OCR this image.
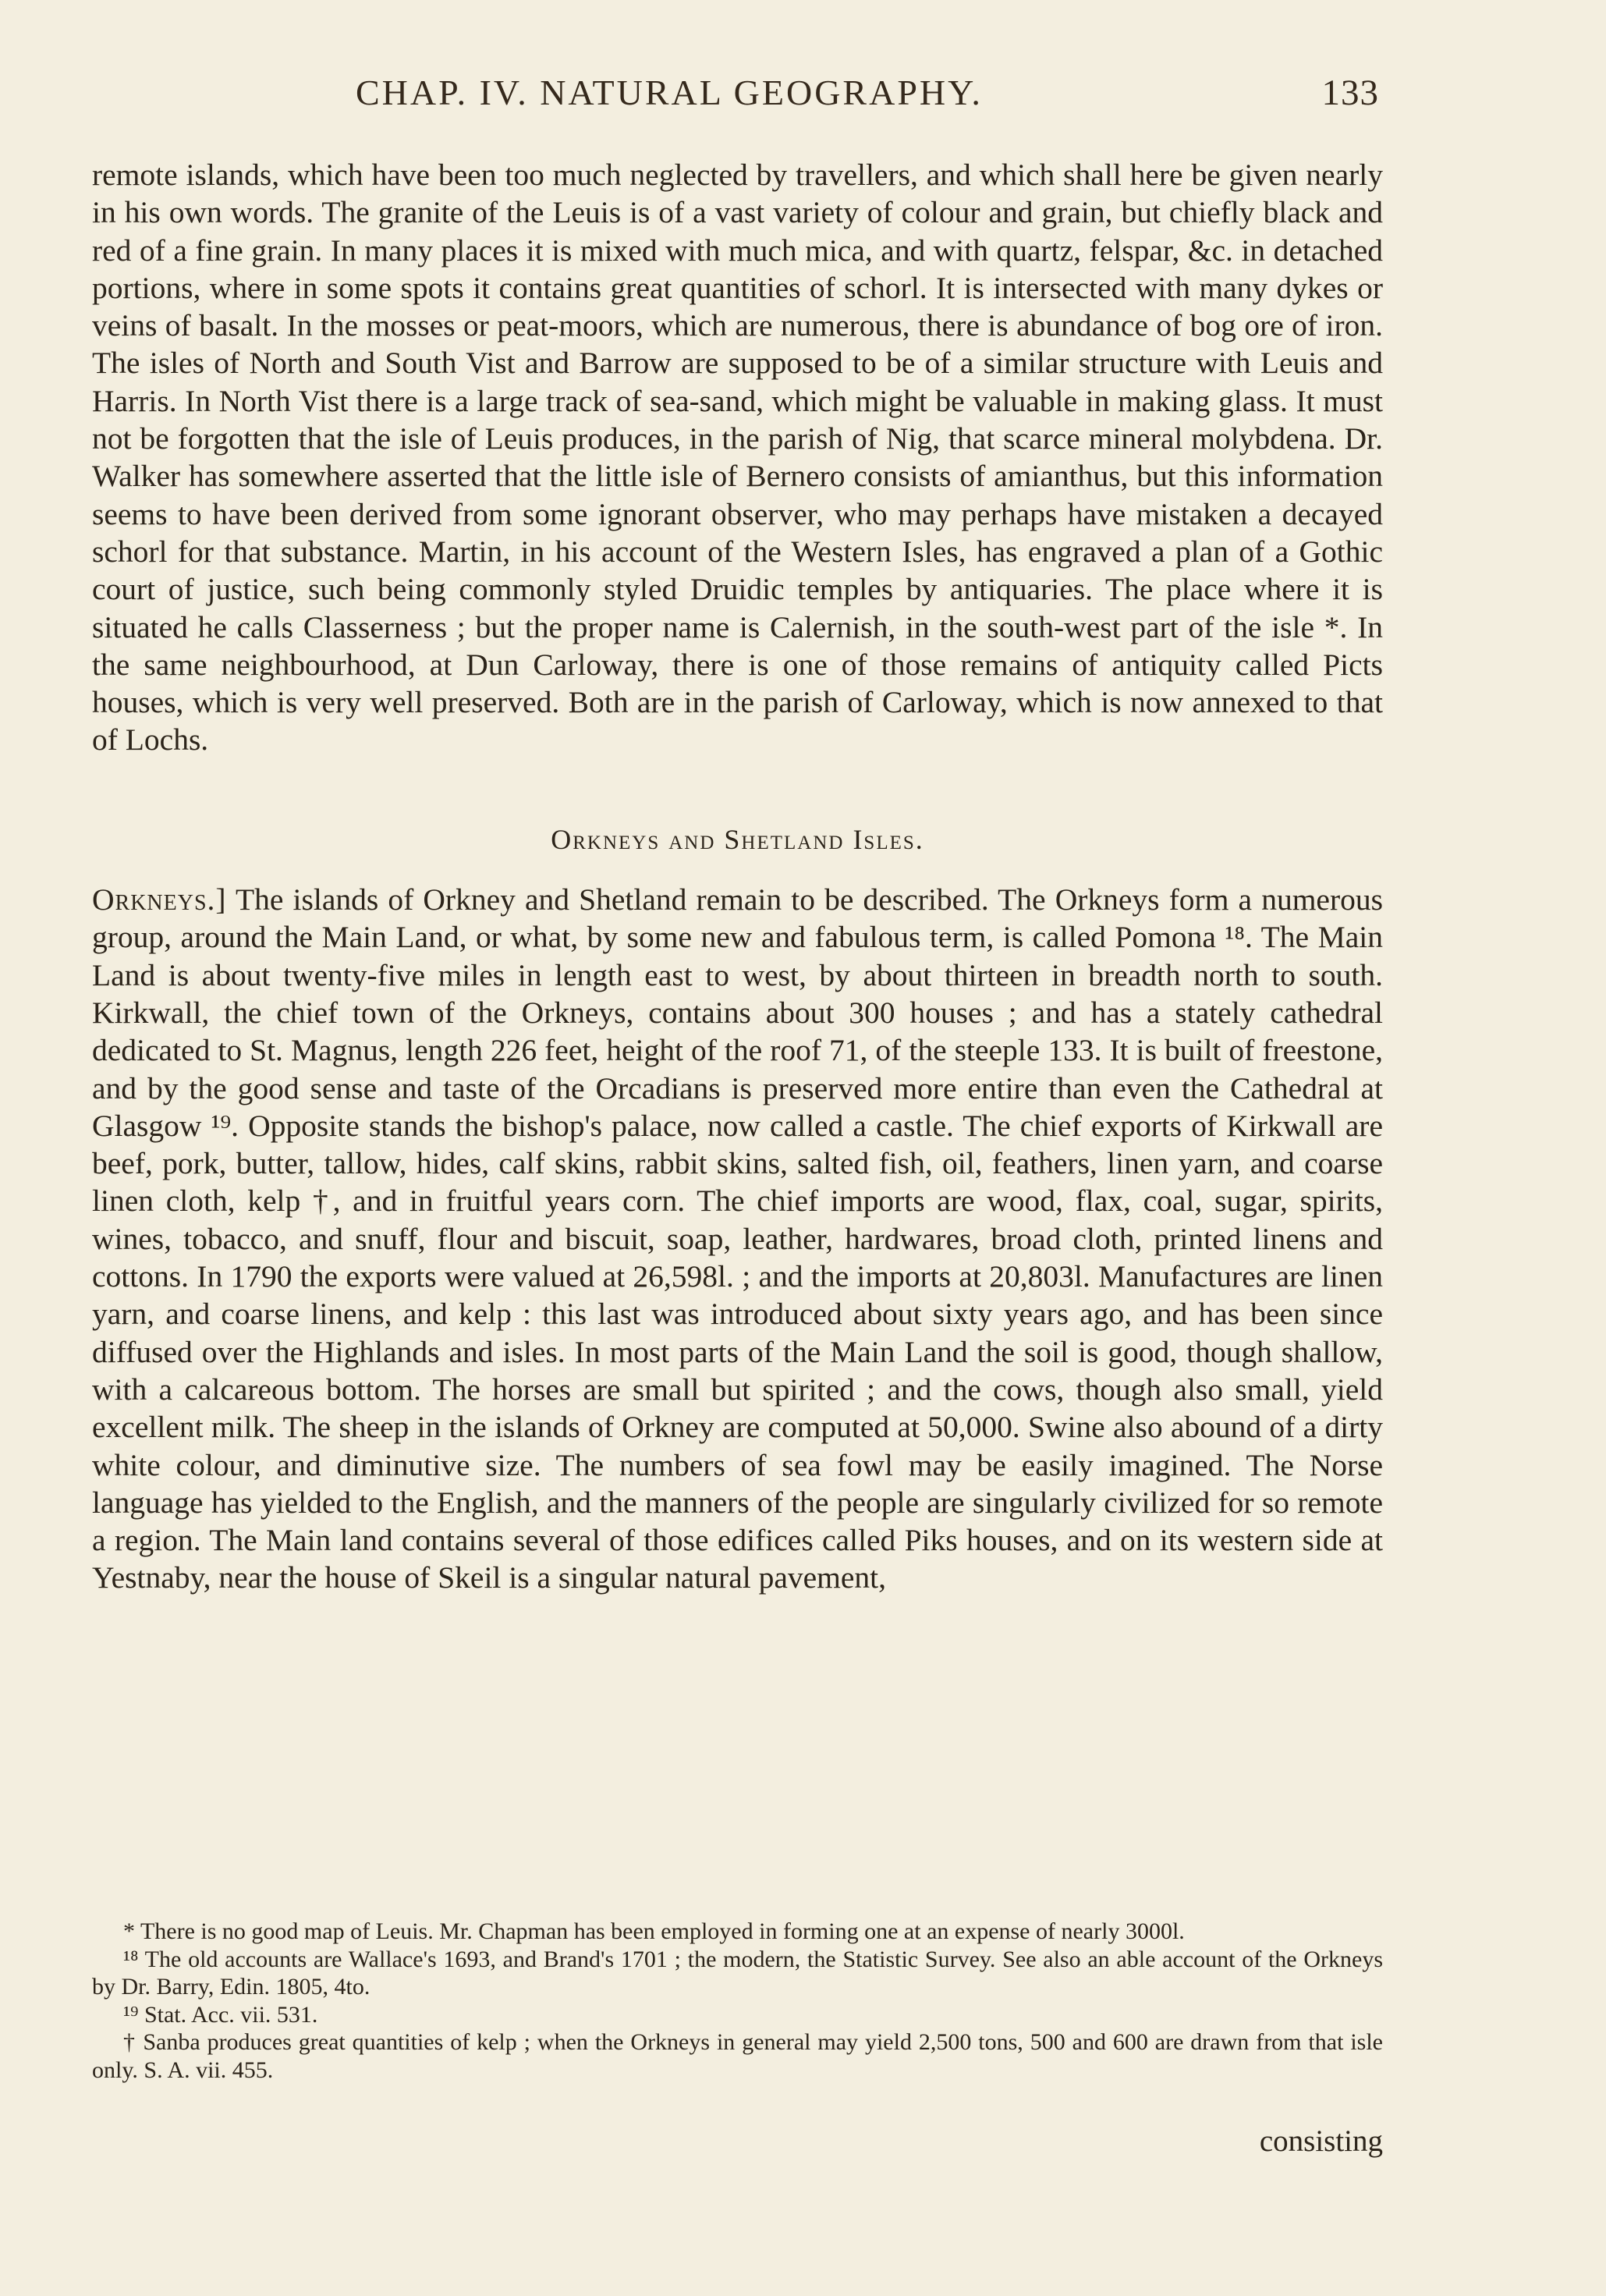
CHAP. IV. NATURAL GEOGRAPHY.	133

remote islands, which have been too much neglected by travellers, and which shall here be given nearly in his own words. The granite of the Leuis is of a vast variety of colour and grain, but chiefly black and red of a fine grain. In many places it is mixed with much mica, and with quartz, felspar, &c. in detached portions, where in some spots it contains great quantities of schorl. It is intersected with many dykes or veins of basalt. In the mosses or peat-moors, which are numerous, there is abundance of bog ore of iron. The isles of North and South Vist and Barrow are supposed to be of a similar structure with Leuis and Harris. In North Vist there is a large track of sea-sand, which might be valuable in making glass. It must not be forgotten that the isle of Leuis produces, in the parish of Nig, that scarce mineral molybdena. Dr. Walker has somewhere asserted that the little isle of Bernero consists of amianthus, but this information seems to have been derived from some ignorant observer, who may perhaps have mistaken a decayed schorl for that substance. Martin, in his account of the Western Isles, has engraved a plan of a Gothic court of justice, such being commonly styled Druidic temples by antiquaries. The place where it is situated he calls Classerness ; but the proper name is Calernish, in the south-west part of the isle *. In the same neighbourhood, at Dun Carloway, there is one of those remains of antiquity called Picts houses, which is very well preserved. Both are in the parish of Carloway, which is now annexed to that of Lochs.

Orkneys and Shetland Isles.

Orkneys.] The islands of Orkney and Shetland remain to be described. The Orkneys form a numerous group, around the Main Land, or what, by some new and fabulous term, is called Pomona ¹⁸. The Main Land is about twenty-five miles in length east to west, by about thirteen in breadth north to south. Kirkwall, the chief town of the Orkneys, contains about 300 houses ; and has a stately cathedral dedicated to St. Magnus, length 226 feet, height of the roof 71, of the steeple 133. It is built of freestone, and by the good sense and taste of the Orcadians is preserved more entire than even the Cathedral at Glasgow ¹⁹. Opposite stands the bishop's palace, now called a castle. The chief exports of Kirkwall are beef, pork, butter, tallow, hides, calf skins, rabbit skins, salted fish, oil, feathers, linen yarn, and coarse linen cloth, kelp †, and in fruitful years corn. The chief imports are wood, flax, coal, sugar, spirits, wines, tobacco, and snuff, flour and biscuit, soap, leather, hardwares, broad cloth, printed linens and cottons. In 1790 the exports were valued at 26,598l. ; and the imports at 20,803l. Manufactures are linen yarn, and coarse linens, and kelp : this last was introduced about sixty years ago, and has been since diffused over the Highlands and isles. In most parts of the Main Land the soil is good, though shallow, with a calcareous bottom. The horses are small but spirited ; and the cows, though also small, yield excellent milk. The sheep in the islands of Orkney are computed at 50,000. Swine also abound of a dirty white colour, and diminutive size. The numbers of sea fowl may be easily imagined. The Norse language has yielded to the English, and the manners of the people are singularly civilized for so remote a region. The Main land contains several of those edifices called Piks houses, and on its western side at Yestnaby, near the house of Skeil is a singular natural pavement,

* There is no good map of Leuis. Mr. Chapman has been employed in forming one at an expense of nearly 3000l.

¹⁸ The old accounts are Wallace's 1693, and Brand's 1701 ; the modern, the Statistic Survey. See also an able account of the Orkneys by Dr. Barry, Edin. 1805, 4to.

¹⁹ Stat. Acc. vii. 531.

† Sanba produces great quantities of kelp ; when the Orkneys in general may yield 2,500 tons, 500 and 600 are drawn from that isle only. S. A. vii. 455.

consisting
